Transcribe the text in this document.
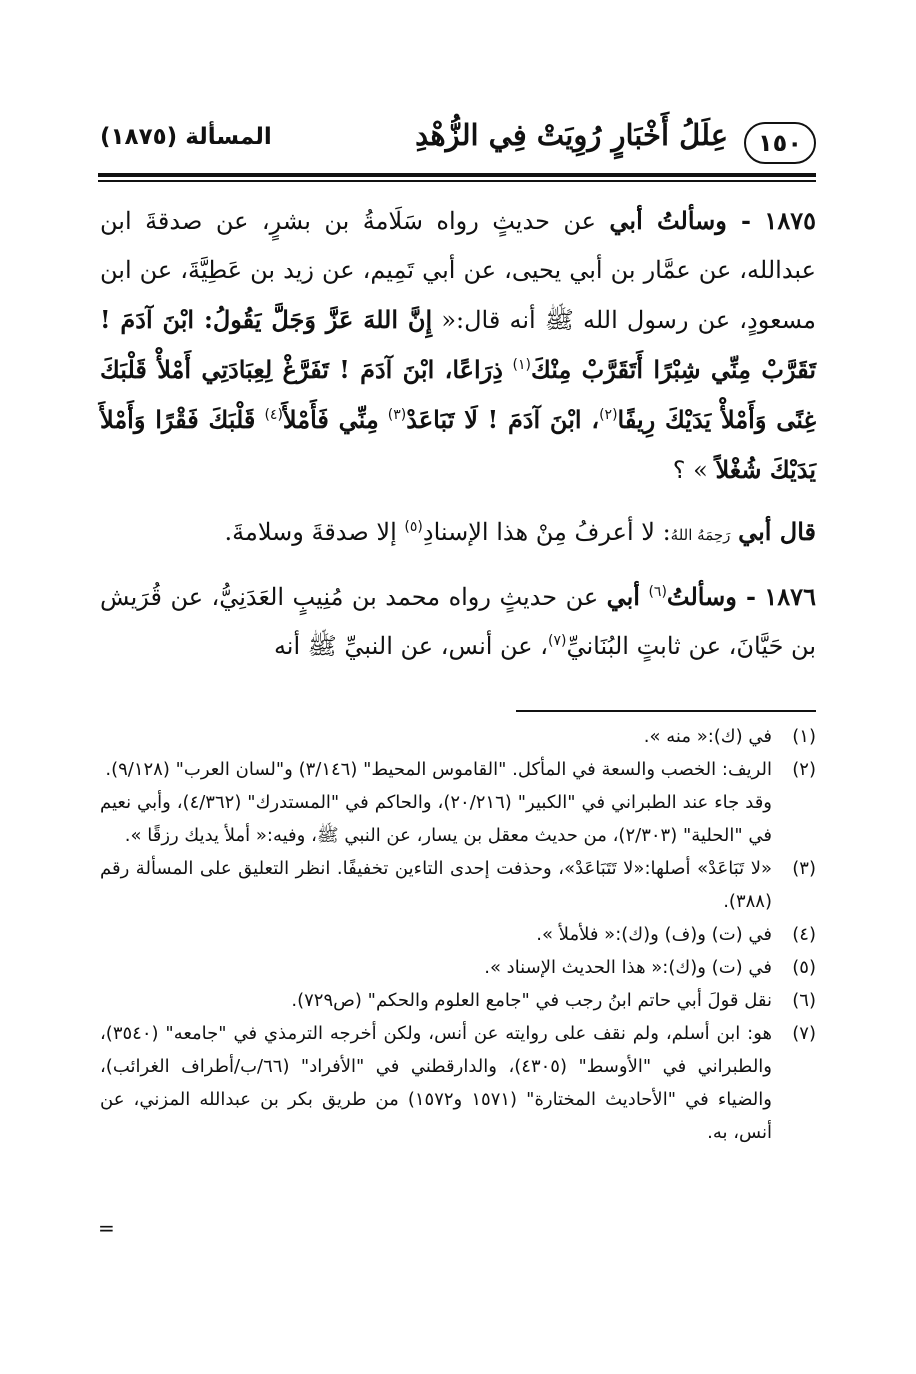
١٥٠
عِلَلُ أَخْبَارٍ رُوِيَتْ فِي الزُّهْدِ
المسألة (١٨٧٥)

١٨٧٥ - وسألتُ أبي عن حديثٍ رواه سَلَامةُ بن بشرٍ، عن صدقةَ ابن عبدالله، عن عمَّار بن أبي يحيى، عن أبي تَمِيم، عن زيد بن عَطِيَّةَ، عن ابن مسعودٍ، عن رسول الله ﷺ أنه قال:« إِنَّ اللهَ عَزَّ وَجَلَّ يَقُولُ: ابْنَ آدَمَ ! تَقَرَّبْ مِنِّي شِبْرًا أَتَقَرَّبْ مِنْكَ$^{(١)}$ ذِرَاعًا، ابْنَ آدَمَ ! تَفَرَّغْ لِعِبَادَتِي أَمْلأْ قَلْبَكَ غِنًى وَأَمْلأْ يَدَيْكَ رِيفًا$^{(٢)}$، ابْنَ آدَمَ ! لَا تَبَاعَدْ$^{(٣)}$ مِنِّي فَأَمْلأَ$^{(٤)}$ قَلْبَكَ فَقْرًا وَأَمْلأَ يَدَيْكَ شُغْلاً » ؟

قال أبي رَحِمَهُ اللهُ: لا أعرفُ مِنْ هذا الإسنادِ$^{(٥)}$ إلا صدقةَ وسلامةَ.

١٨٧٦ - وسألتُ$^{(٦)}$ أبي عن حديثٍ رواه محمد بن مُنِيبٍ العَدَنِيُّ، عن قُرَيش بن حَيَّانَ، عن ثابتٍ البُنَانيِّ$^{(٧)}$، عن أنس، عن النبيِّ ﷺ أنه

(١)

في (ك):« منه ».

(٢)

الريف: الخصب والسعة في المأكل. "القاموس المحيط" (٣/١٤٦) و"لسان العرب" (٩/١٢٨).

وقد جاء عند الطبراني في "الكبير" (٢٠/٢١٦)، والحاكم في "المستدرك" (٤/٣٦٢)، وأبي نعيم في "الحلية" (٢/٣٠٣)، من حديث معقل بن يسار، عن النبي ﷺ، وفيه:« أملأ يديك رزقًا ».

(٣)

«لا تَبَاعَدْ» أصلها:«لا تَتَبَاعَدْ»، وحذفت إحدى التاءين تخفيفًا. انظر التعليق على المسألة رقم (٣٨٨).

(٤)

في (ت) و(ف) و(ك):« فلأملأ ».

(٥)

في (ت) و(ك):« هذا الحديث الإسناد ».

(٦)

نقل قولَ أبي حاتم ابنُ رجب في "جامع العلوم والحكم" (ص٧٢٩).

(٧)

هو: ابن أسلم، ولم نقف على روايته عن أنس، ولكن أخرجه الترمذي في "جامعه" (٣٥٤٠)، والطبراني في "الأوسط" (٤٣٠٥)، والدارقطني في "الأفراد" (٦٦/ب/أطراف الغرائب)، والضياء في "الأحاديث المختارة" (١٥٧١ و١٥٧٢) من طريق بكر بن عبدالله المزني، عن أنس، به.

=
